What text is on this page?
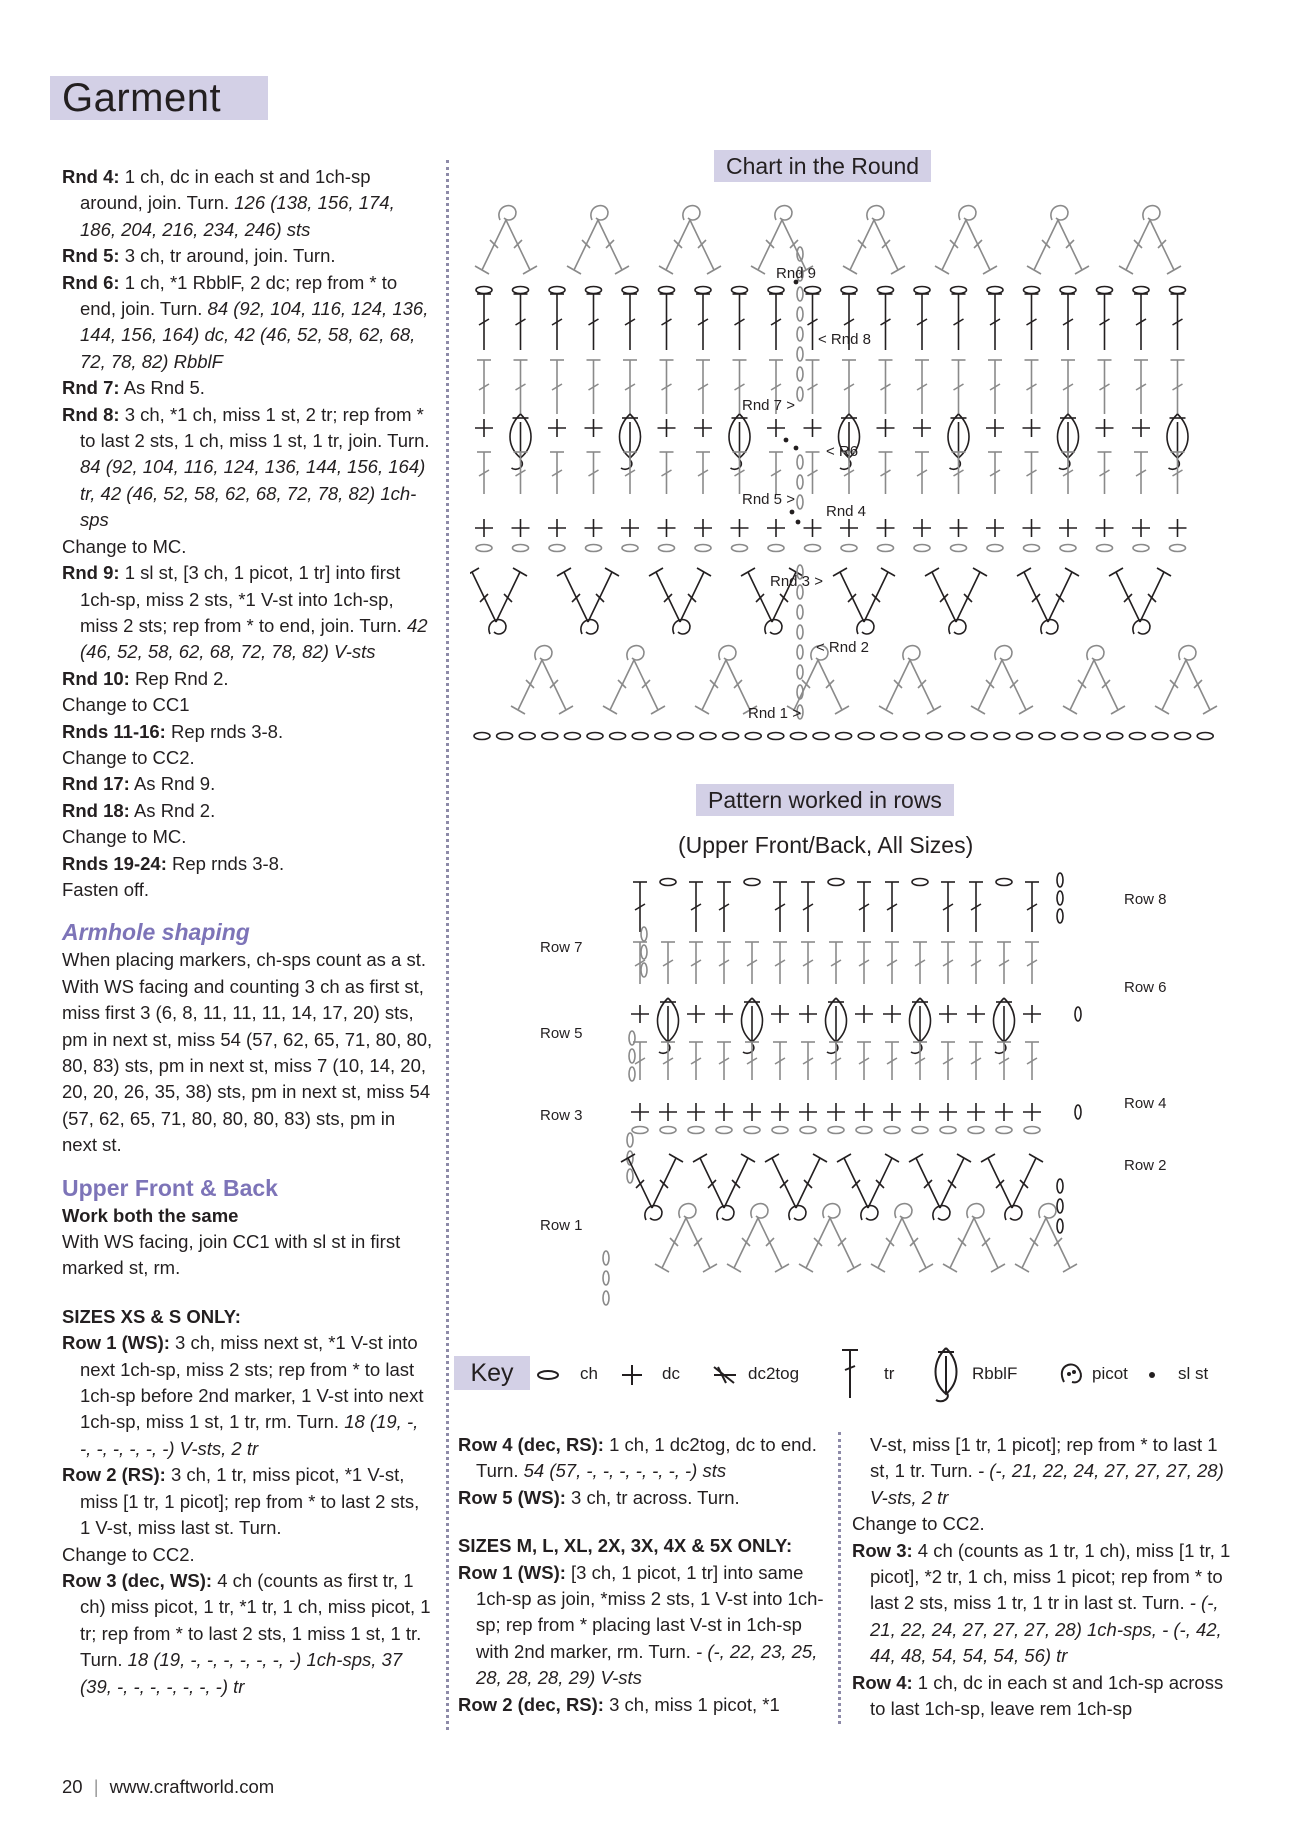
Garment

Rnd 4: 1 ch, dc in each st and 1ch-sp around, join. Turn. 126 (138, 156, 174, 186, 204, 216, 234, 246) sts

Rnd 5: 3 ch, tr around, join. Turn.

Rnd 6: 1 ch, *1 RbblF, 2 dc; rep from * to end, join. Turn. 84 (92, 104, 116, 124, 136, 144, 156, 164) dc, 42 (46, 52, 58, 62, 68, 72, 78, 82) RbblF

Rnd 7: As Rnd 5.

Rnd 8: 3 ch, *1 ch, miss 1 st, 2 tr; rep from * to last 2 sts, 1 ch, miss 1 st, 1 tr, join. Turn. 84 (92, 104, 116, 124, 136, 144, 156, 164) tr, 42 (46, 52, 58, 62, 68, 72, 78, 82) 1ch-sps

Change to MC.

Rnd 9: 1 sl st, [3 ch, 1 picot, 1 tr] into first 1ch-sp, miss 2 sts, *1 V-st into 1ch-sp, miss 2 sts; rep from * to end, join. Turn. 42 (46, 52, 58, 62, 68, 72, 78, 82) V-sts

Rnd 10: Rep Rnd 2.

Change to CC1

Rnds 11-16: Rep rnds 3-8.

Change to CC2.

Rnd 17: As Rnd 9.

Rnd 18: As Rnd 2.

Change to MC.

Rnds 19-24: Rep rnds 3-8.

Fasten off.

Armhole shaping

When placing markers, ch-sps count as a st. With WS facing and counting 3 ch as first st, miss first 3 (6, 8, 11, 11, 11, 14, 17, 20) sts, pm in next st, miss 54 (57, 62, 65, 71, 80, 80, 80, 83) sts, pm in next st, miss 7 (10, 14, 20, 20, 20, 26, 35, 38) sts, pm in next st, miss 54 (57, 62, 65, 71, 80, 80, 80, 83) sts, pm in next st.

Upper Front & Back

Work both the same

With WS facing, join CC1 with sl st in first marked st, rm.

SIZES XS & S ONLY:

Row 1 (WS): 3 ch, miss next st, *1 V-st into next 1ch-sp, miss 2 sts; rep from * to last 1ch-sp before 2nd marker, 1 V-st into next 1ch-sp, miss 1 st, 1 tr, rm. Turn. 18 (19, -, -, -, -, -, -, -) V-sts, 2 tr

Row 2 (RS): 3 ch, 1 tr, miss picot, *1 V-st, miss [1 tr, 1 picot]; rep from * to last 2 sts, 1 V-st, miss last st. Turn.

Change to CC2.

Row 3 (dec, WS): 4 ch (counts as first tr, 1 ch) miss picot, 1 tr, *1 tr, 1 ch, miss picot, 1 tr; rep from * to last 2 sts, 1 miss 1 st, 1 tr. Turn. 18 (19, -, -, -, -, -, -, -) 1ch-sps, 37 (39, -, -, -, -, -, -, -) tr

Chart in the Round
Rnd 9
< Rnd 8
Rnd 7 >
< R6
Rnd 5 >
Rnd 4
Rnd 3 >
< Rnd 2
Rnd 1 >
Pattern worked in rows
(Upper Front/Back, All Sizes)
Row 8
Row 7
Row 6
Row 5
Row 4
Row 3
Row 2
Row 1
Key	ch	dc	dc2tog	tr	RbblF	picot	sl st

Row 4 (dec, RS): 1 ch, 1 dc2tog, dc to end. Turn. 54 (57, -, -, -, -, -, -, -) sts

Row 5 (WS): 3 ch, tr across. Turn.

SIZES M, L, XL, 2X, 3X, 4X & 5X ONLY:

Row 1 (WS): [3 ch, 1 picot, 1 tr] into same 1ch-sp as join, *miss 2 sts, 1 V-st into 1ch-sp; rep from * placing last V-st in 1ch-sp with 2nd marker, rm. Turn. - (-, 22, 23, 25, 28, 28, 28, 29) V-sts

Row 2 (dec, RS): 3 ch, miss 1 picot, *1

V-st, miss [1 tr, 1 picot]; rep from * to last 1 st, 1 tr. Turn. - (-, 21, 22, 24, 27, 27, 27, 28) V-sts, 2 tr

Change to CC2.

Row 3: 4 ch (counts as 1 tr, 1 ch), miss [1 tr, 1 picot], *2 tr, 1 ch, miss 1 picot; rep from * to last 2 sts, miss 1 tr, 1 tr in last st. Turn. - (-, 21, 22, 24, 27, 27, 27, 28) 1ch-sps, - (-, 42, 44, 48, 54, 54, 54, 56) tr

Row 4: 1 ch, dc in each st and 1ch-sp across to last 1ch-sp, leave rem 1ch-sp

20 | www.craftworld.com
